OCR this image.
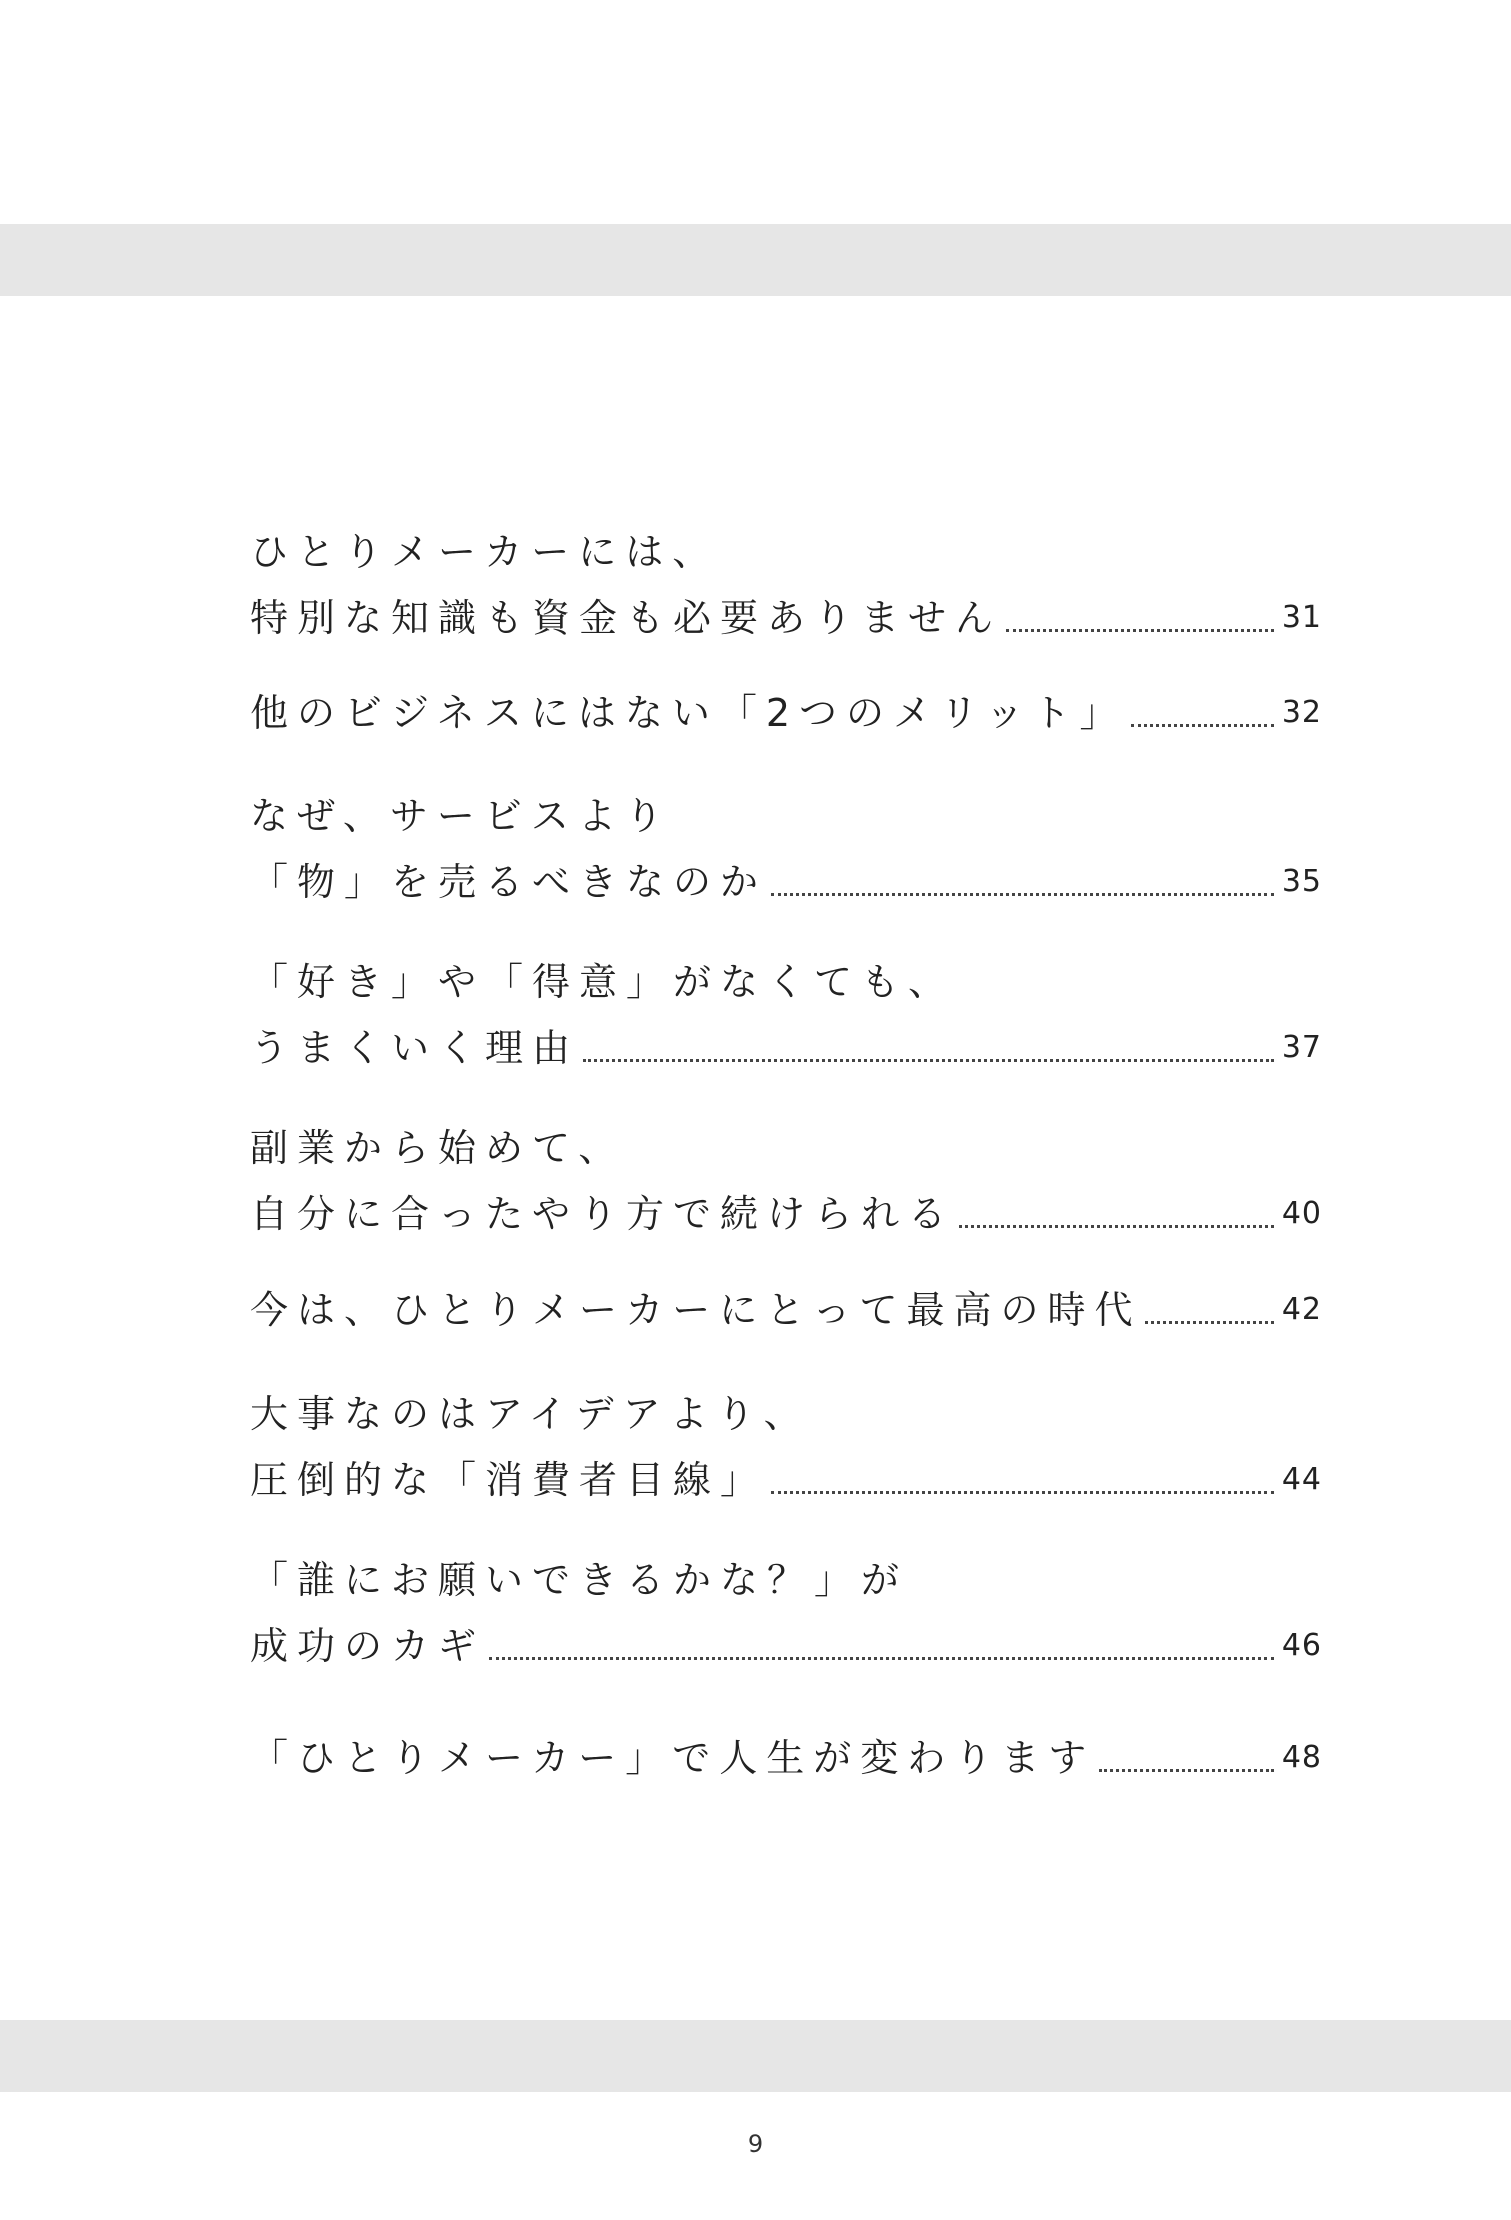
ひとりメーカーには、
特別な知識も資金も必要ありません	31
他のビジネスにはない「2つのメリット」	32
なぜ、サービスより
「物」を売るべきなのか	35
「好き」や「得意」がなくても、
うまくいく理由	37
副業から始めて、
自分に合ったやり方で続けられる	40
今は、ひとりメーカーにとって最高の時代	42
大事なのはアイデアより、
圧倒的な「消費者目線」	44
「誰にお願いできるかな？」が
成功のカギ	46
「ひとりメーカー」で人生が変わります	48
9
